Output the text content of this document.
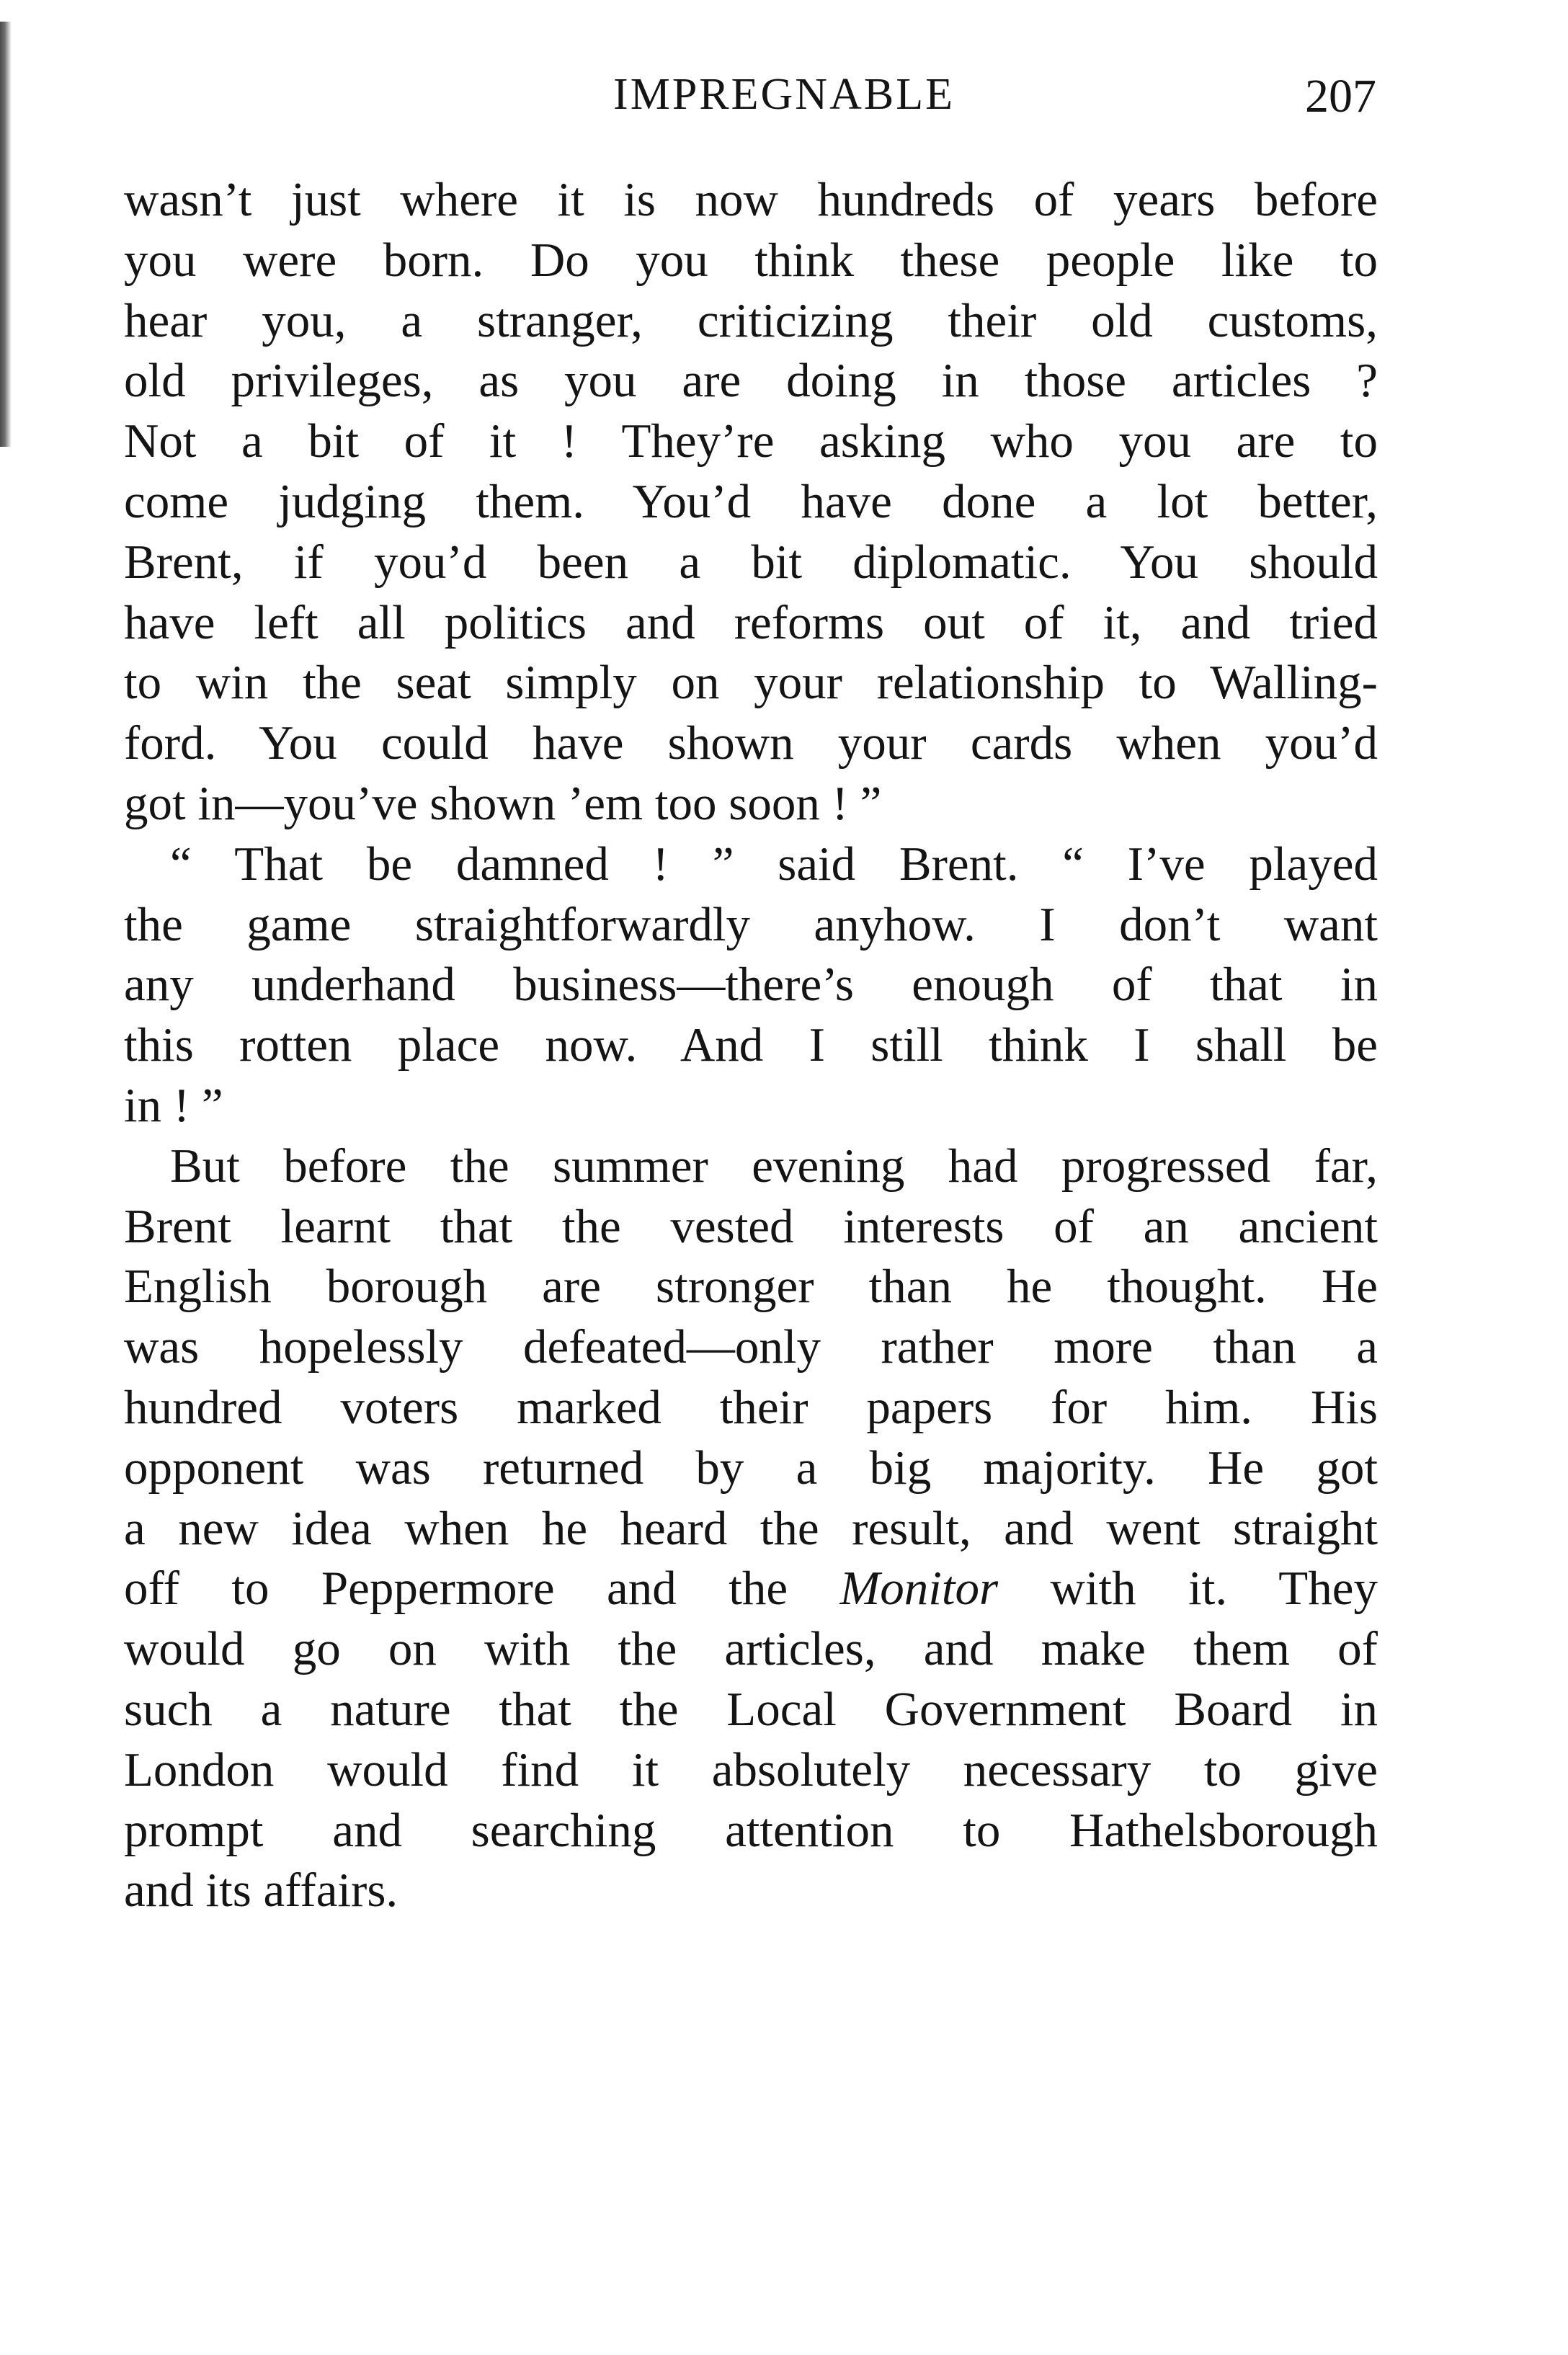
IMPREGNABLE	207
wasn’t just where it is now hundreds of years before
you were born. Do you think these people like to
hear you, a stranger, criticizing their old customs,
old privileges, as you are doing in those articles ?
Not a bit of it ! They’re asking who you are to
come judging them. You’d have done a lot better,
Brent, if you’d been a bit diplomatic. You should
have left all politics and reforms out of it, and tried
to win the seat simply on your relationship to Walling-
ford. You could have shown your cards when you’d
got in—you’ve shown ’em too soon ! ”
“ That be damned ! ” said Brent. “ I’ve played
the game straightforwardly anyhow. I don’t want
any underhand business—there’s enough of that in
this rotten place now. And I still think I shall be
in ! ”
But before the summer evening had progressed far,
Brent learnt that the vested interests of an ancient
English borough are stronger than he thought. He
was hopelessly defeated—only rather more than a
hundred voters marked their papers for him. His
opponent was returned by a big majority. He got
a new idea when he heard the result, and went straight
off to Peppermore and the Monitor with it. They
would go on with the articles, and make them of
such a nature that the Local Government Board in
London would find it absolutely necessary to give
prompt and searching attention to Hathelsborough
and its affairs.
